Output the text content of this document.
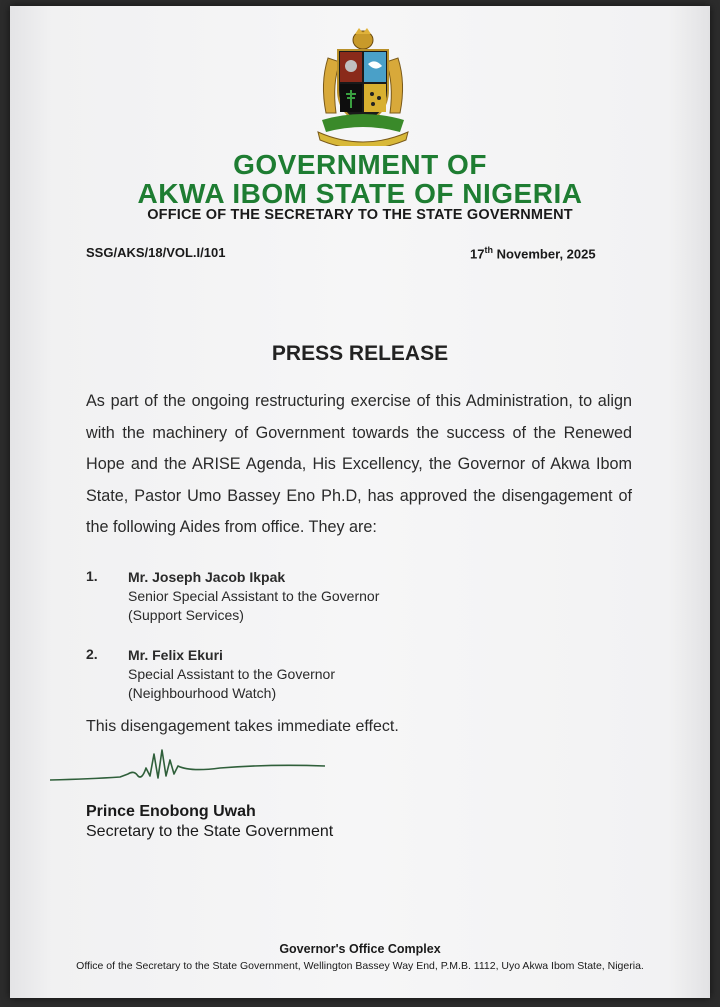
GOVERNMENT OF
AKWA IBOM STATE OF NIGERIA
OFFICE OF THE SECRETARY TO THE STATE GOVERNMENT
SSG/AKS/18/VOL.I/101	17th November, 2025
PRESS RELEASE
As part of the ongoing restructuring exercise of this Administration, to align with the machinery of Government towards the success of the Renewed Hope and the ARISE Agenda, His Excellency, the Governor of Akwa Ibom State, Pastor Umo Bassey Eno Ph.D, has approved the disengagement of the following Aides from office. They are:
1. Mr. Joseph Jacob Ikpak
Senior Special Assistant to the Governor
(Support Services)
2. Mr. Felix Ekuri
Special Assistant to the Governor
(Neighbourhood Watch)
This disengagement takes immediate effect.
Prince Enobong Uwah
Secretary to the State Government
Governor's Office Complex
Office of the Secretary to the State Government, Wellington Bassey Way End, P.M.B. 1112, Uyo Akwa Ibom State, Nigeria.
